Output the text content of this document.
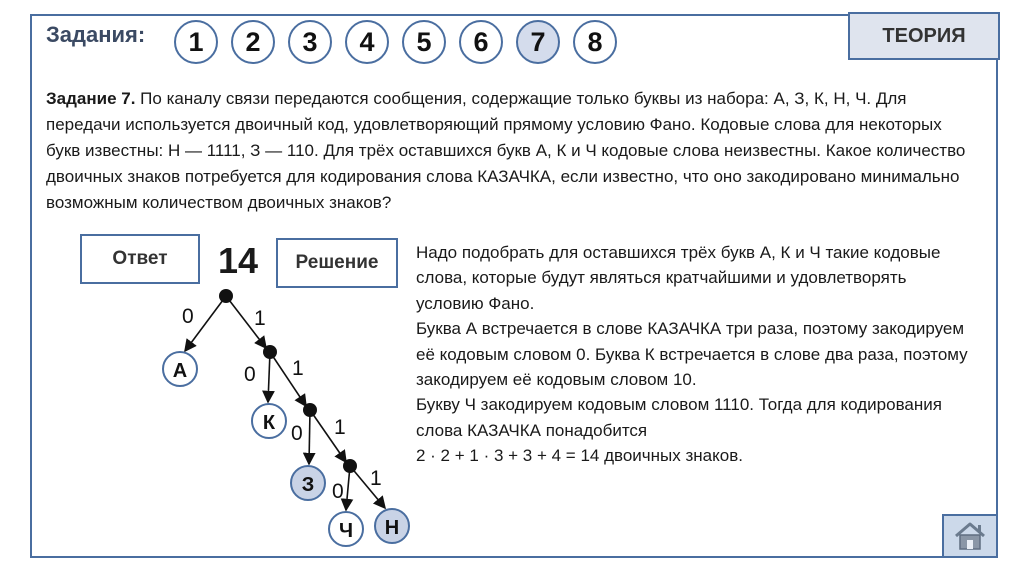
Задания:	1	2	3	4	5	6	7	8	ТЕОРИЯ
Задание 7. По каналу связи передаются сообщения, содержащие только буквы из набора: А, З, К, Н, Ч. Для передачи используется двоичный код, удовлетворяющий прямому условию Фано. Кодовые слова для некоторых букв известны: Н — 1111, З — 110. Для трёх оставшихся букв А, К и Ч кодовые слова неизвестны. Какое количество двоичных знаков потребуется для кодирования слова КАЗАЧКА, если известно, что оно закодировано минимально возможным количеством двоичных знаков?
Ответ	14	Решение	Надо подобрать для оставшихся трёх букв А, К и Ч такие кодовые слова, которые будут являться кратчайшими и удовлетворять условию Фано.

Буква А встречается в слове КАЗАЧКА три раза, поэтому закодируем её кодовым словом 0. Буква К встречается в слове два раза, поэтому закодируем её кодовым словом 10.

Букву Ч закодируем кодовым словом 1110. Тогда для кодирования слова КАЗАЧКА понадобится

2 · 2 + 1 · 3 + 3 + 4 = 14 двоичных знаков.

0	1
0 1
0 1
0
1
А
К
З
Ч Н
